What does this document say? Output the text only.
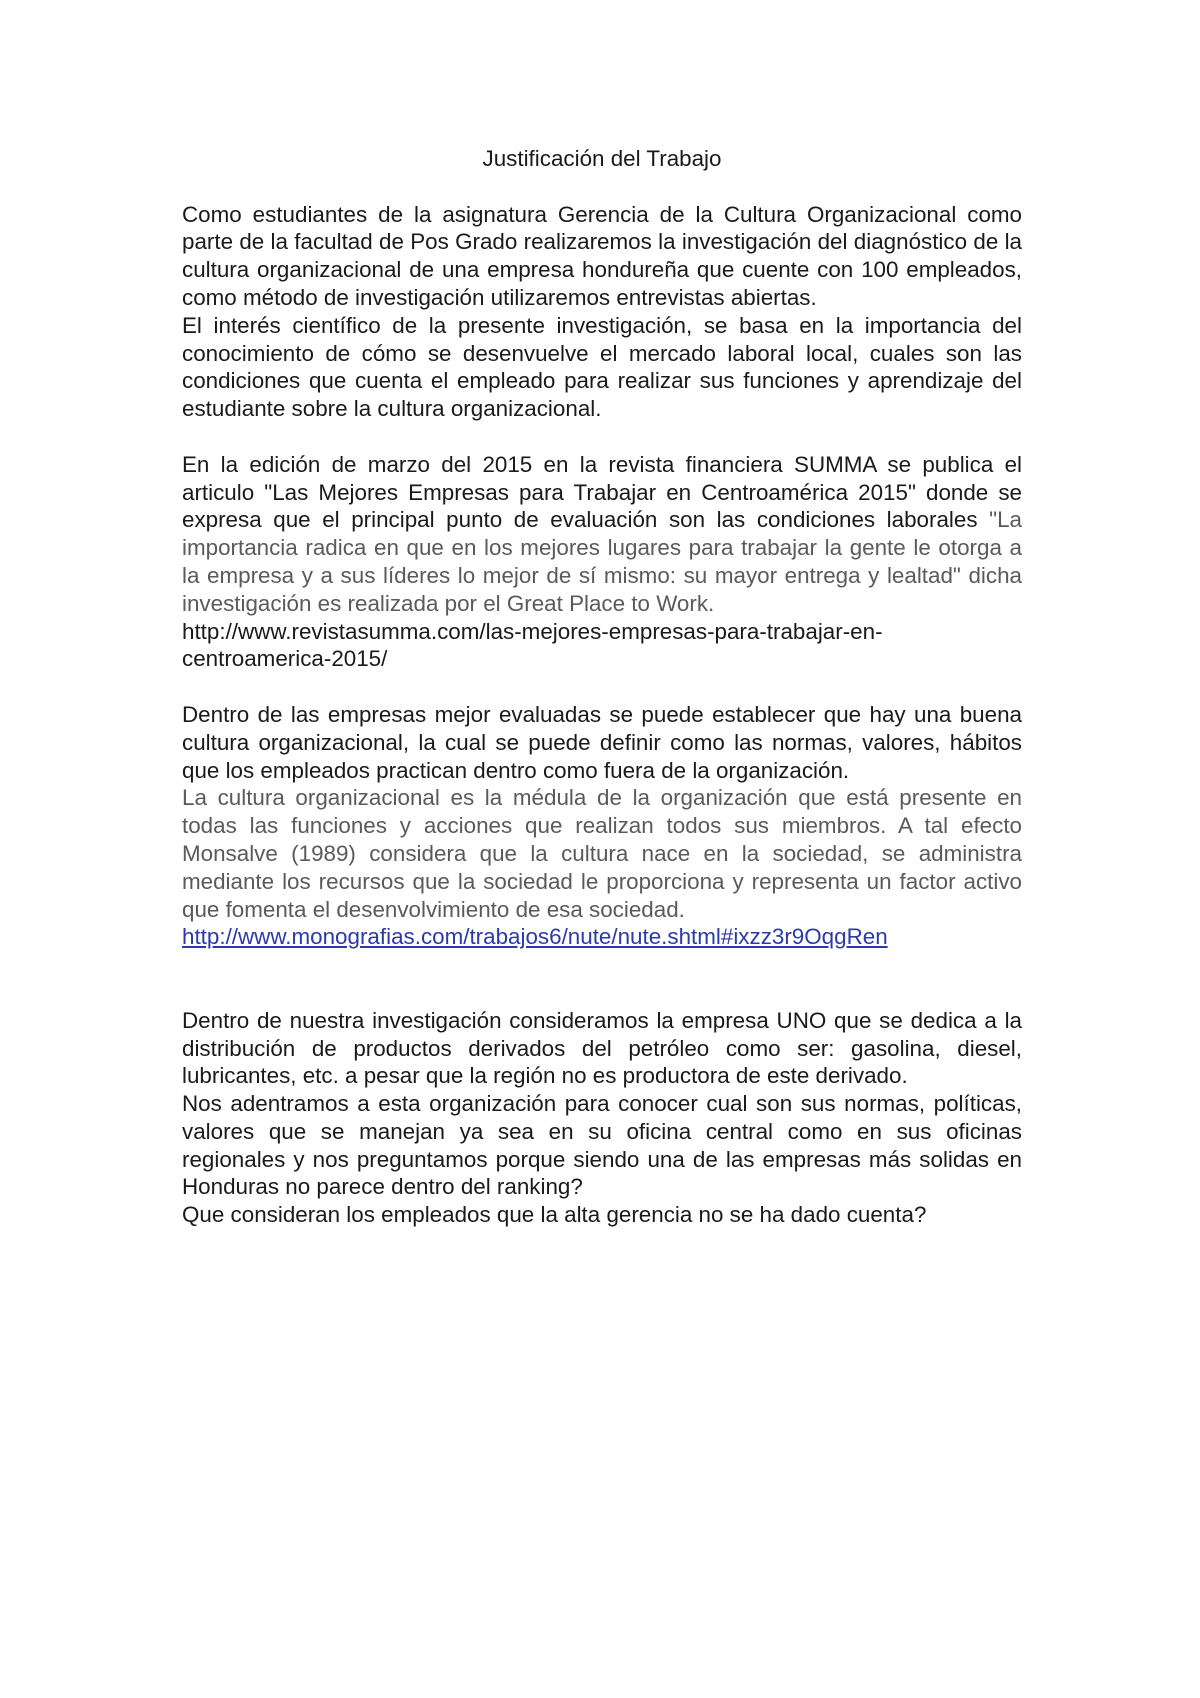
Justificación del Trabajo

Como estudiantes de la asignatura Gerencia de la Cultura Organizacional como parte de la facultad de Pos Grado realizaremos la investigación del diagnóstico de la cultura organizacional de una empresa hondureña que cuente con 100 empleados, como método de investigación utilizaremos entrevistas abiertas.

El interés científico de la presente investigación, se basa en la importancia del conocimiento de cómo se desenvuelve el mercado laboral local, cuales son las condiciones que cuenta el empleado para realizar sus funciones y aprendizaje del estudiante sobre la cultura organizacional.

En la edición de marzo del 2015 en la revista financiera SUMMA se publica el articulo "Las Mejores Empresas para Trabajar en Centroamérica 2015" donde se expresa que el principal punto de evaluación son las condiciones laborales "La importancia radica en que en los mejores lugares para trabajar la gente le otorga a la empresa y a sus líderes lo mejor de sí mismo: su mayor entrega y lealtad" dicha investigación es realizada por el Great Place to Work.

http://www.revistasumma.com/las-mejores-empresas-para-trabajar-en-centroamerica-2015/

Dentro de las empresas mejor evaluadas se puede establecer que hay una buena cultura organizacional, la cual se puede definir como las normas, valores, hábitos que los empleados practican dentro como fuera de la organización.

La cultura organizacional es la médula de la organización que está presente en todas las funciones y acciones que realizan todos sus miembros. A tal efecto Monsalve (1989) considera que la cultura nace en la sociedad, se administra mediante los recursos que la sociedad le proporciona y representa un factor activo que fomenta el desenvolvimiento de esa sociedad.

http://www.monografias.com/trabajos6/nute/nute.shtml#ixzz3r9OqgRen

Dentro de nuestra investigación consideramos la empresa UNO que se dedica a la distribución de productos derivados del petróleo como ser: gasolina, diesel, lubricantes, etc. a pesar que la región no es productora de este derivado.

Nos adentramos a esta organización para conocer cual son sus normas, políticas, valores que se manejan ya sea en su oficina central como en sus oficinas regionales y nos preguntamos porque siendo una de las empresas más solidas en Honduras no parece dentro del ranking?

Que consideran los empleados que la alta gerencia no se ha dado cuenta?
